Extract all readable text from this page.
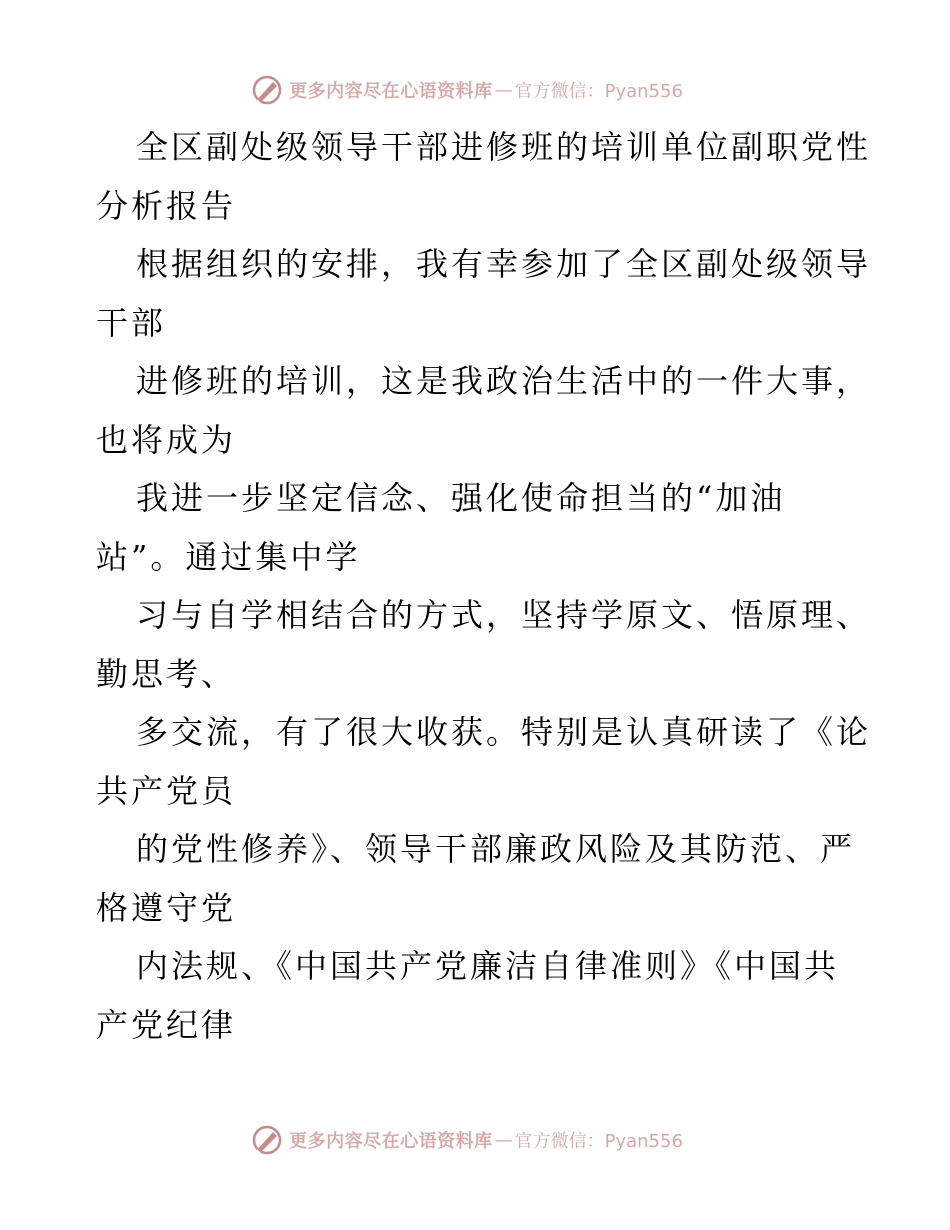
更多内容尽在心语资料库 — 官方微信：Pyan556
全区副处级领导干部进修班的培训单位副职党性
分析报告
根据组织的安排，我有幸参加了全区副处级领导
干部
进修班的培训，这是我政治生活中的一件大事，
也将成为
我进一步坚定信念、强化使命担当的“加油
站”。通过集中学
习与自学相结合的方式，坚持学原文、悟原理、
勤思考、
多交流，有了很大收获。特别是认真研读了《论
共产党员
的党性修养》、领导干部廉政风险及其防范、严
格遵守党
内法规、《中国共产党廉洁自律准则》《中国共
产党纪律
更多内容尽在心语资料库 — 官方微信：Pyan556
